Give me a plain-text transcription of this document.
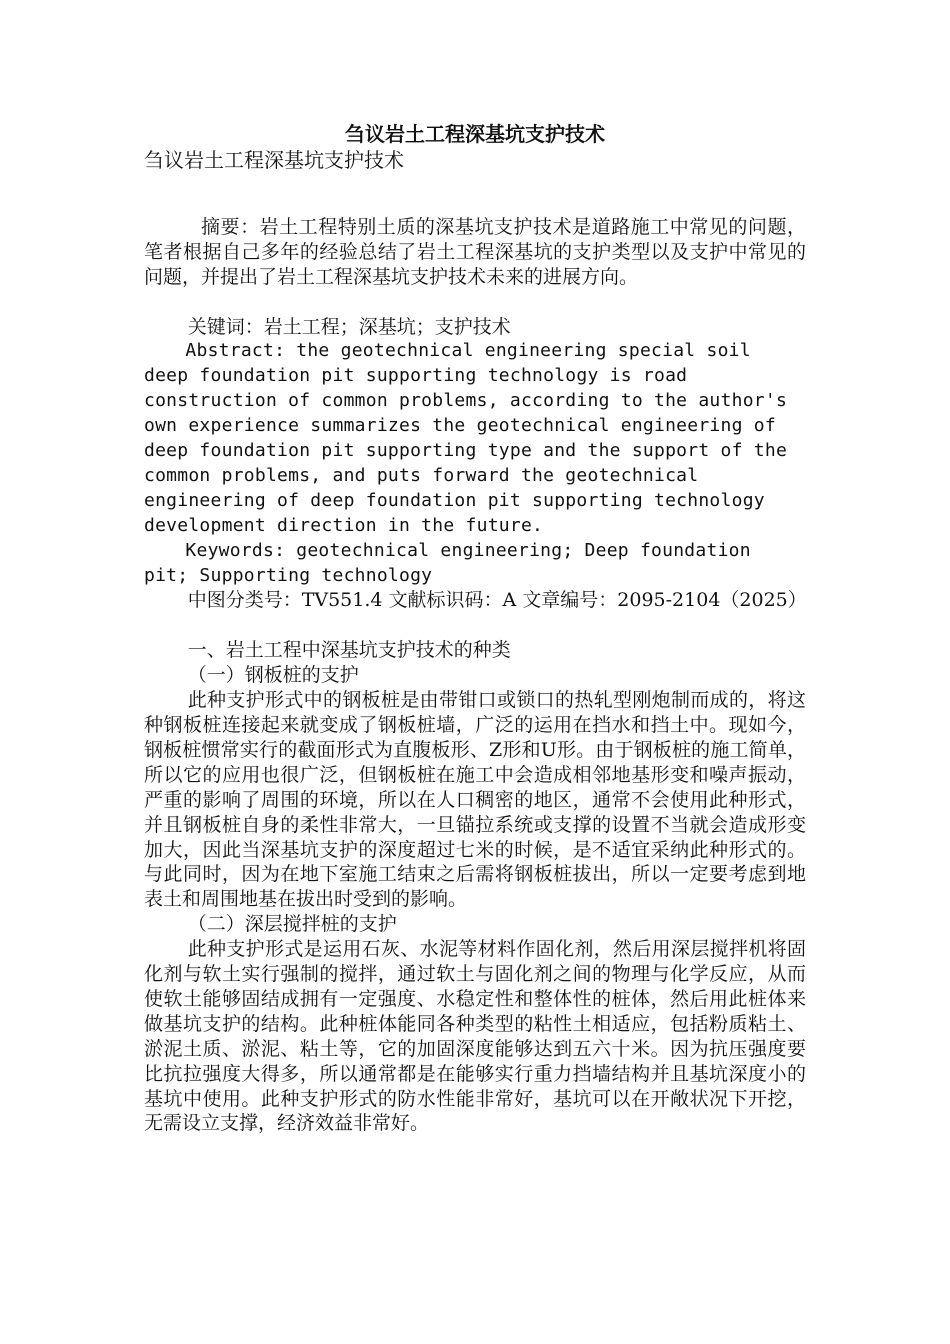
刍议岩土工程深基坑支护技术
刍议岩土工程深基坑支护技术

摘要：岩土工程特别土质的深基坑支护技术是道路施工中常见的问题，笔者根据自己多年的经验总结了岩土工程深基坑的支护类型以及支护中常见的问题，并提出了岩土工程深基坑支护技术未来的进展方向。

关键词：岩土工程；深基坑；支护技术

Abstract: the geotechnical engineering special soil deep foundation pit supporting technology is road construction of common problems, according to the author's own experience summarizes the geotechnical engineering of deep foundation pit supporting type and the support of the common problems, and puts forward the geotechnical engineering of deep foundation pit supporting technology development direction in the future.

Keywords: geotechnical engineering; Deep foundation pit; Supporting technology

中图分类号：TV551.4 文献标识码：A 文章编号：2095-2104（2025）

一、岩土工程中深基坑支护技术的种类

（一）钢板桩的支护

此种支护形式中的钢板桩是由带钳口或锁口的热轧型刚炮制而成的，将这种钢板桩连接起来就变成了钢板桩墙，广泛的运用在挡水和挡土中。现如今，钢板桩惯常实行的截面形式为直腹板形、Z形和U形。由于钢板桩的施工简单，所以它的应用也很广泛，但钢板桩在施工中会造成相邻地基形变和噪声振动，严重的影响了周围的环境，所以在人口稠密的地区，通常不会使用此种形式，并且钢板桩自身的柔性非常大，一旦锚拉系统或支撑的设置不当就会造成形变加大，因此当深基坑支护的深度超过七米的时候，是不适宜采纳此种形式的。与此同时，因为在地下室施工结束之后需将钢板桩拔出，所以一定要考虑到地表土和周围地基在拔出时受到的影响。

（二）深层搅拌桩的支护

此种支护形式是运用石灰、水泥等材料作固化剂，然后用深层搅拌机将固化剂与软土实行强制的搅拌，通过软土与固化剂之间的物理与化学反应，从而使软土能够固结成拥有一定强度、水稳定性和整体性的桩体，然后用此桩体来做基坑支护的结构。此种桩体能同各种类型的粘性土相适应，包括粉质粘土、淤泥土质、淤泥、粘土等，它的加固深度能够达到五六十米。因为抗压强度要比抗拉强度大得多，所以通常都是在能够实行重力挡墙结构并且基坑深度小的基坑中使用。此种支护形式的防水性能非常好，基坑可以在开敞状况下开挖，无需设立支撑，经济效益非常好。
